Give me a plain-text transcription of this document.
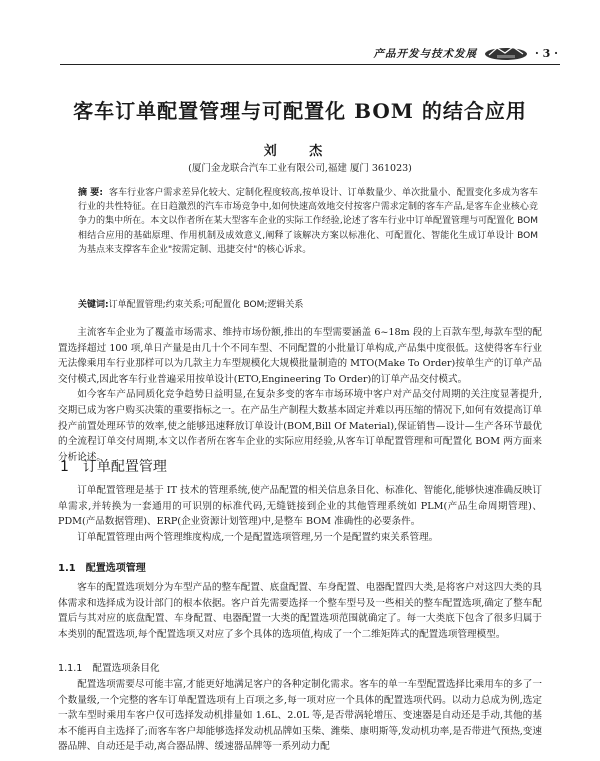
产品开发与技术发展	· 3 ·
客车订单配置管理与可配置化 BOM 的结合应用
刘 杰
(厦门金龙联合汽车工业有限公司,福建 厦门 361023)
摘 要: 客车行业客户需求差异化较大、定制化程度较高,按单设计、订单数量少、单次批量小、配置变化多成为客车行业的共性特征。在日趋激烈的汽车市场竞争中,如何快速高效地交付按客户需求定制的客车产品,是客车企业核心竞争力的集中所在。本文以作者所在某大型客车企业的实际工作经验,论述了客车行业中订单配置管理与可配置化 BOM 相结合应用的基础原理、作用机制及成效意义,阐释了该解决方案以标准化、可配置化、智能化生成订单设计 BOM 为基点来支撑客车企业"按需定制、迅捷交付"的核心诉求。
关键词:订单配置管理;约束关系;可配置化 BOM;逻辑关系

主流客车企业为了覆盖市场需求、维持市场份额,推出的车型需要涵盖 6~18m 段的上百款车型,每款车型的配置选择超过 100 项,单日产量是由几十个不同车型、不同配置的小批量订单构成,产品集中度很低。这使得客车行业无法像乘用车行业那样可以为几款主力车型规模化大规模批量制造的 MTO(Make To Order)按单生产的订单产品交付模式,因此客车行业普遍采用按单设计(ETO,Engineering To Order)的订单产品交付模式。

如今客车产品同质化竞争趋势日益明显,在复杂多变的客车市场环境中客户对产品交付周期的关注度显著提升,交期已成为客户购买决策的重要指标之一。在产品生产制程大数基本固定并难以再压缩的情况下,如何有效提高订单投产前置处理环节的效率,使之能够迅速释放订单设计(BOM,Bill Of Material),保证销售—设计—生产各环节最优的全流程订单交付周期,本文以作者所在客车企业的实际应用经验,从客车订单配置管理和可配置化 BOM 两方面来分析论述。

1 订单配置管理

订单配置管理是基于 IT 技术的管理系统,使产品配置的相关信息条目化、标准化、智能化,能够快速准确反映订单需求,并转换为一套通用的可识别的标准代码,无缝链接到企业的其他管理系统如 PLM(产品生命周期管理)、PDM(产品数据管理)、ERP(企业资源计划管理)中,是整车 BOM 准确性的必要条件。

订单配置管理由两个管理维度构成,一个是配置选项管理,另一个是配置约束关系管理。

1.1 配置选项管理

客车的配置选项划分为车型产品的整车配置、底盘配置、车身配置、电器配置四大类,是将客户对这四大类的具体需求和选择成为设计部门的根本依据。客户首先需要选择一个整车型号及一些相关的整车配置选项,确定了整车配置后与其对应的底盘配置、车身配置、电器配置一大类的配置选项范围就确定了。每一大类底下包含了很多归属于本类别的配置选项,每个配置选项又对应了多个具体的选项值,构成了一个二维矩阵式的配置选项管理模型。

1.1.1 配置选项条目化

配置选项需要尽可能丰富,才能更好地满足客户的各种定制化需求。客车的单一车型配置选择比乘用车的多了一个数量级,一个完整的客车订单配置选项有上百项之多,每一项对应一个具体的配置选项代码。以动力总成为例,选定一款车型时乘用车客户仅可选择发动机排量如 1.6L、2.0L 等,是否带涡轮增压、变速器是自动还是手动,其他的基本不能再自主选择了;而客车客户却能够选择发动机品牌如玉柴、潍柴、康明斯等,发动机功率,是否带进气预热,变速器品牌、自动还是手动,离合器品牌、缓速器品牌等一系列动力配
